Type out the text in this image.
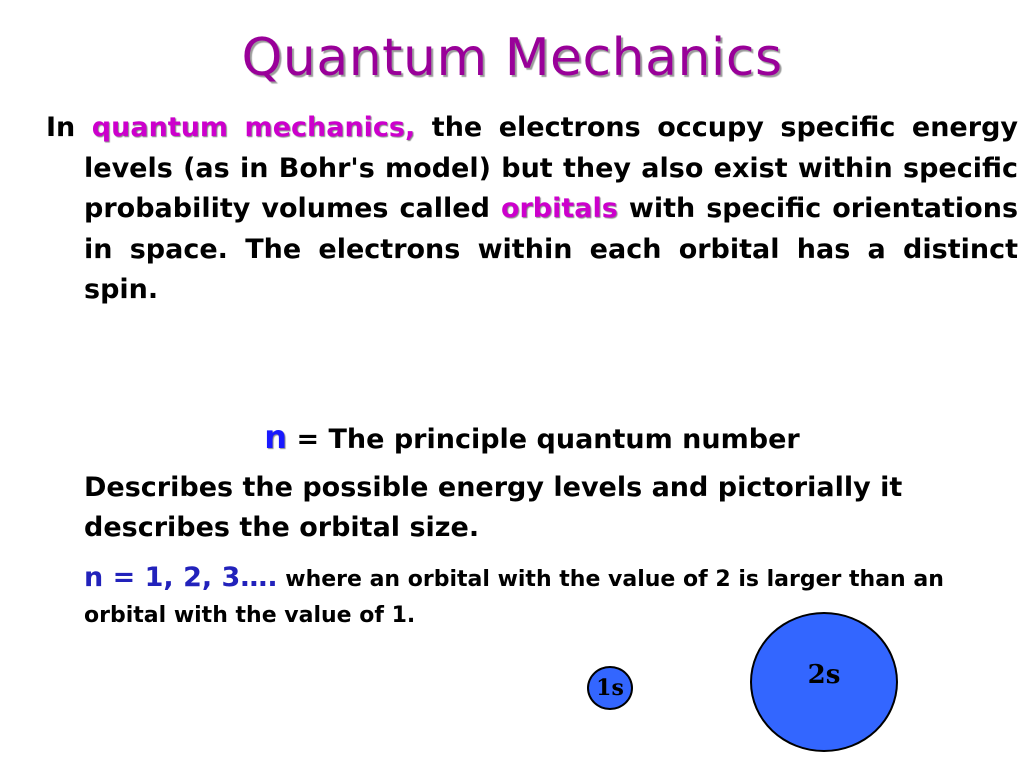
Quantum Mechanics
In quantum mechanics, the electrons occupy specific energy levels (as in Bohr's model) but they also exist within specific probability volumes called orbitals with specific orientations in space. The electrons within each orbital has a distinct spin.
n = The principle quantum number
Describes the possible energy levels and pictorially it describes the orbital size.
n = 1, 2, 3…. where an orbital with the value of 2 is larger than an orbital with the value of 1.
2s
1s
